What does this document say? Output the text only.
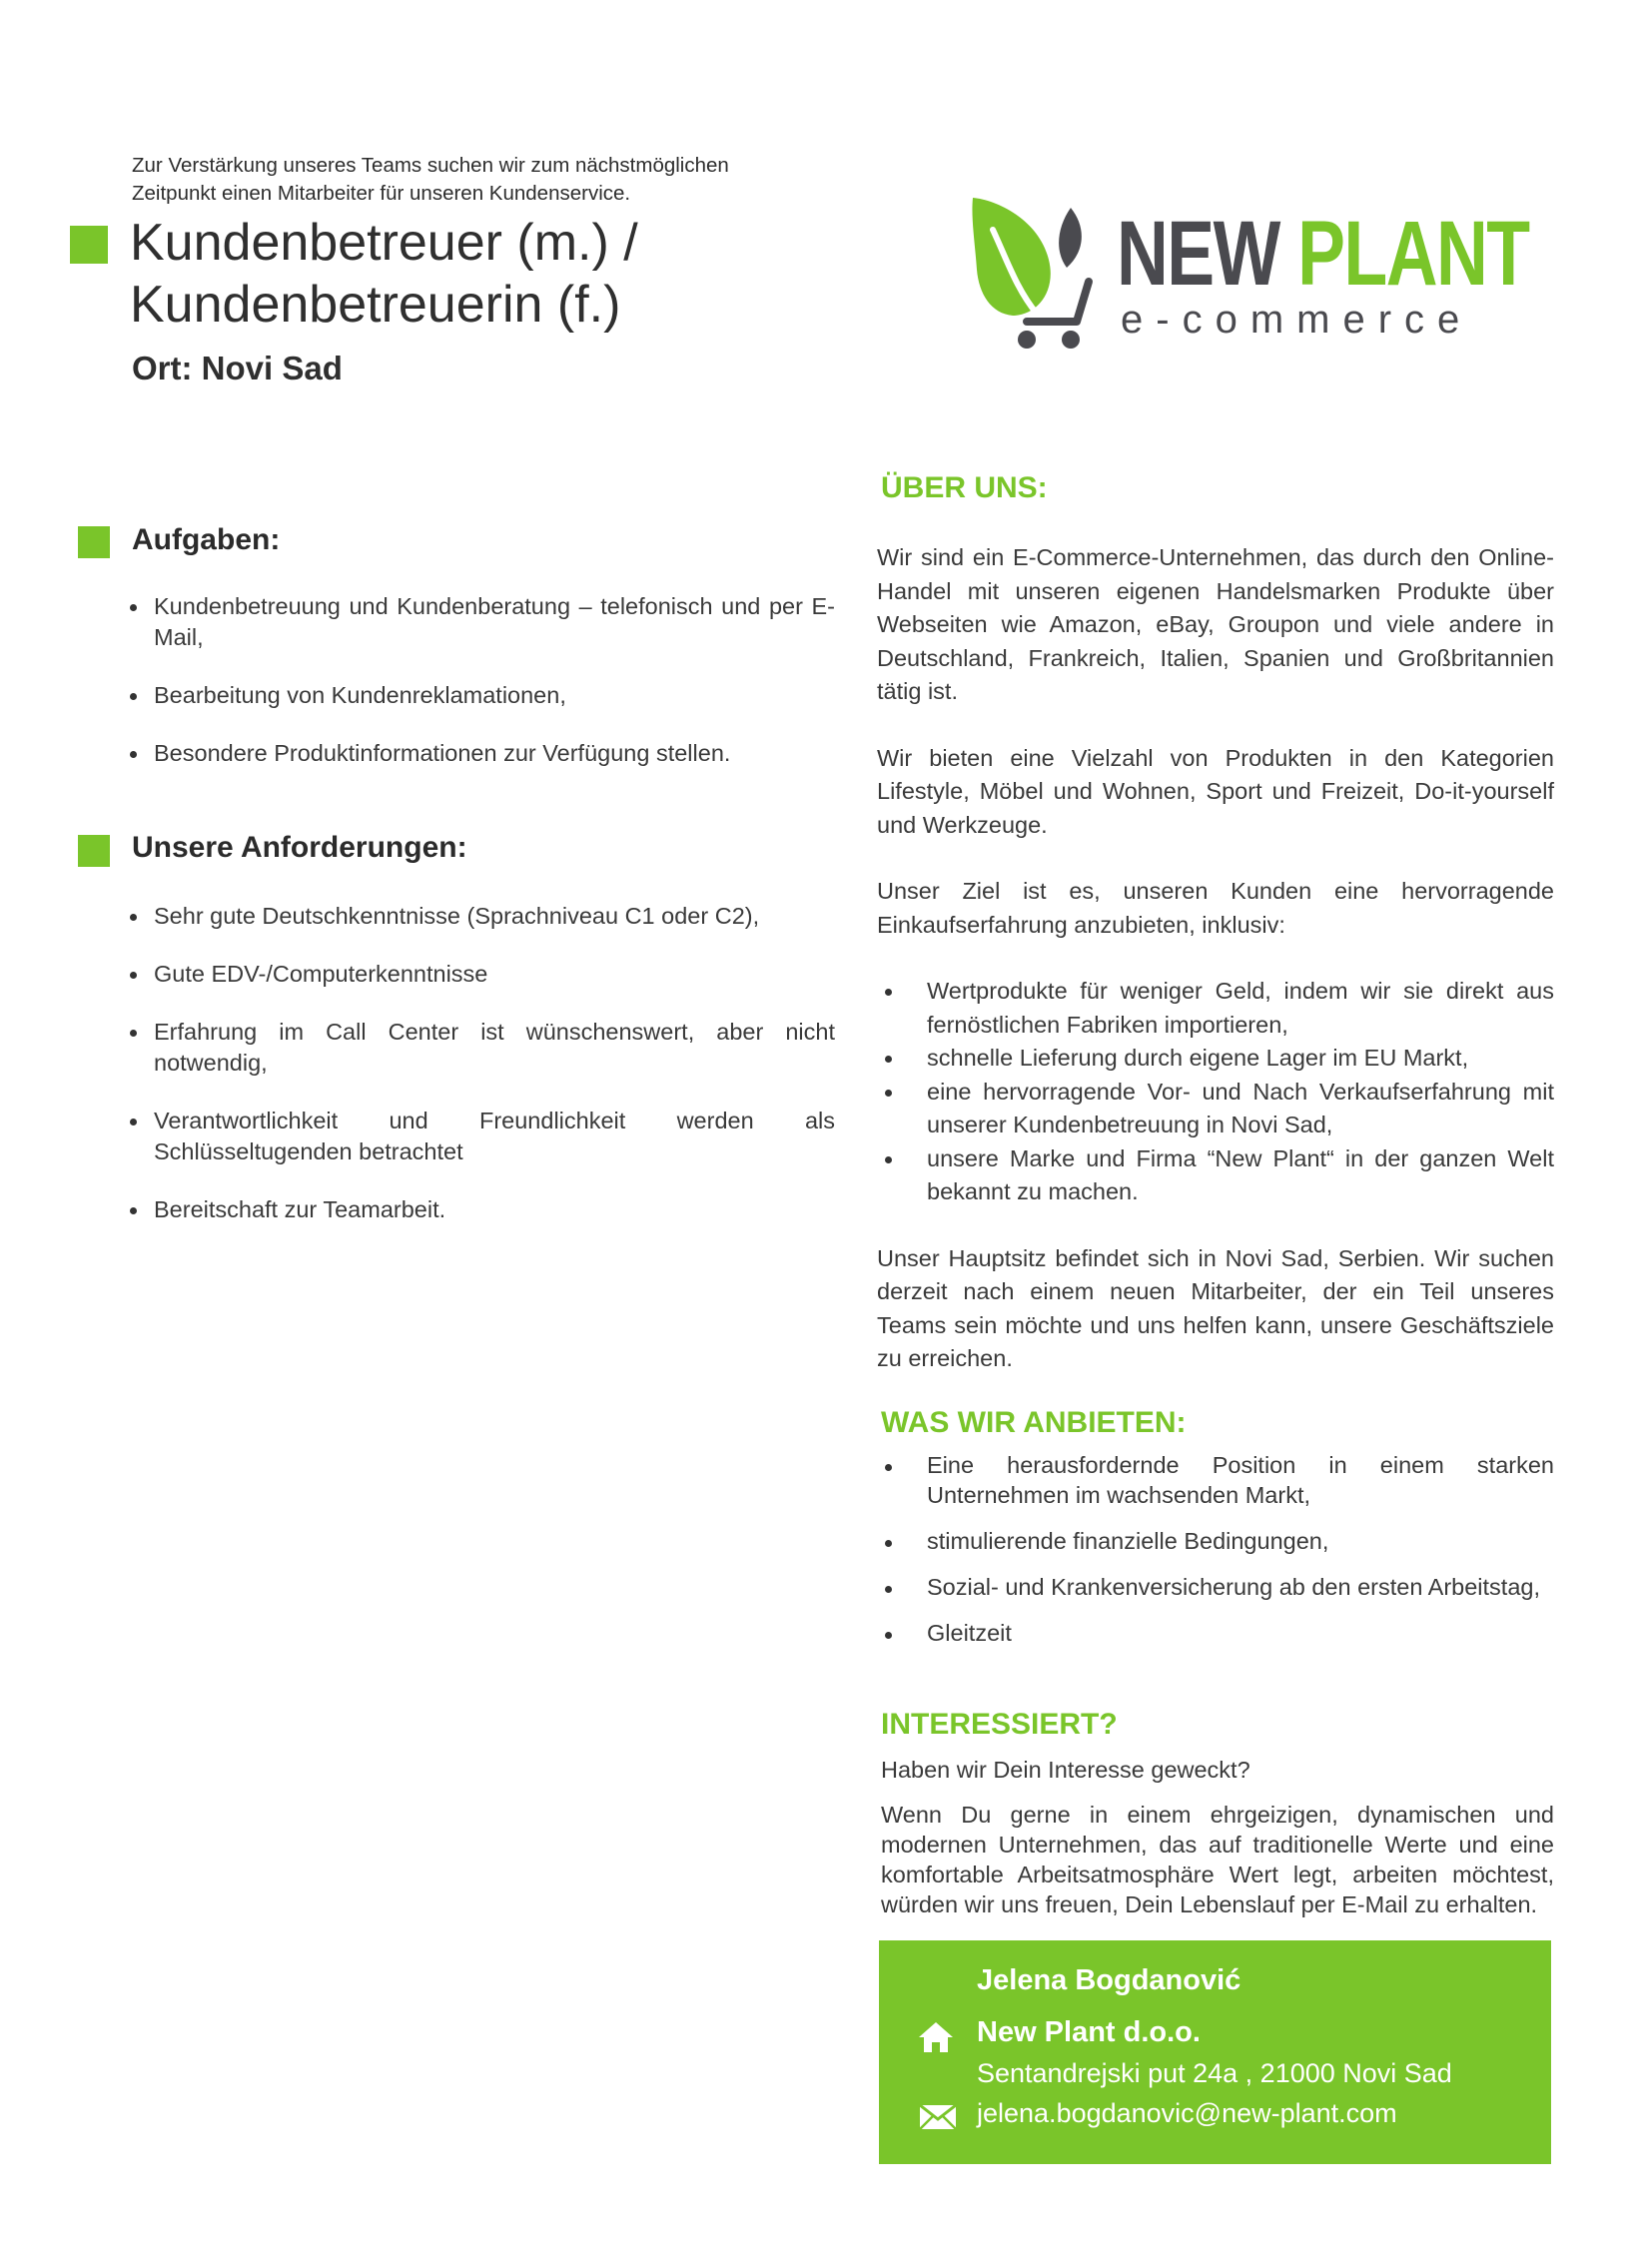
Zur Verstärkung unseres Teams suchen wir zum nächstmöglichen
Zeitpunkt einen Mitarbeiter für unseren Kundenservice.
Kundenbetreuer (m.) /
Kundenbetreuerin (f.)
Ort: Novi Sad
NEW PLANT
e-commerce
Aufgaben:
Kundenbetreuung und Kundenberatung – telefonisch und per E-Mail,
Bearbeitung von Kundenreklamationen,
Besondere Produktinformationen zur Verfügung stellen.
Unsere Anforderungen:
Sehr gute Deutschkenntnisse (Sprachniveau C1 oder C2),
Gute EDV-/Computerkenntnisse
Erfahrung im Call Center ist wünschenswert, aber nicht notwendig,
Verantwortlichkeit und Freundlichkeit werden als Schlüsseltugenden betrachtet
Bereitschaft zur Teamarbeit.
ÜBER UNS:
Wir sind ein E-Commerce-Unternehmen, das durch den Online-Handel mit unseren eigenen Handelsmarken Produkte über Webseiten wie Amazon, eBay, Groupon und viele andere in Deutschland, Frankreich, Italien, Spanien und Großbritannien tätig ist.
Wir bieten eine Vielzahl von Produkten in den Kategorien Lifestyle, Möbel und Wohnen, Sport und Freizeit, Do-it-yourself und Werkzeuge.
Unser Ziel ist es, unseren Kunden eine hervorragende Einkaufserfahrung anzubieten, inklusiv:
Wertprodukte für weniger Geld, indem wir sie direkt aus fernöstlichen Fabriken importieren,
schnelle Lieferung durch eigene Lager im EU Markt,
eine hervorragende Vor- und Nach Verkaufserfahrung mit unserer Kundenbetreuung in Novi Sad,
unsere Marke und Firma “New Plant“ in der ganzen Welt bekannt zu machen.
Unser Hauptsitz befindet sich in Novi Sad, Serbien. Wir suchen derzeit nach einem neuen Mitarbeiter, der ein Teil unseres Teams sein möchte und uns helfen kann, unsere Geschäftsziele zu erreichen.
WAS WIR ANBIETEN:
Eine herausfordernde Position in einem starken Unternehmen im wachsenden Markt,
stimulierende finanzielle Bedingungen,
Sozial- und Krankenversicherung ab den ersten Arbeitstag,
Gleitzeit
INTERESSIERT?
Haben wir Dein Interesse geweckt?
Wenn Du gerne in einem ehrgeizigen, dynamischen und modernen Unternehmen, das auf traditionelle Werte und eine komfortable Arbeitsatmosphäre Wert legt, arbeiten möchtest, würden wir uns freuen, Dein Lebenslauf per E-Mail zu erhalten.
Jelena Bogdanović
New Plant d.o.o.
Sentandrejski put 24a , 21000 Novi Sad
jelena.bogdanovic@new-plant.com
